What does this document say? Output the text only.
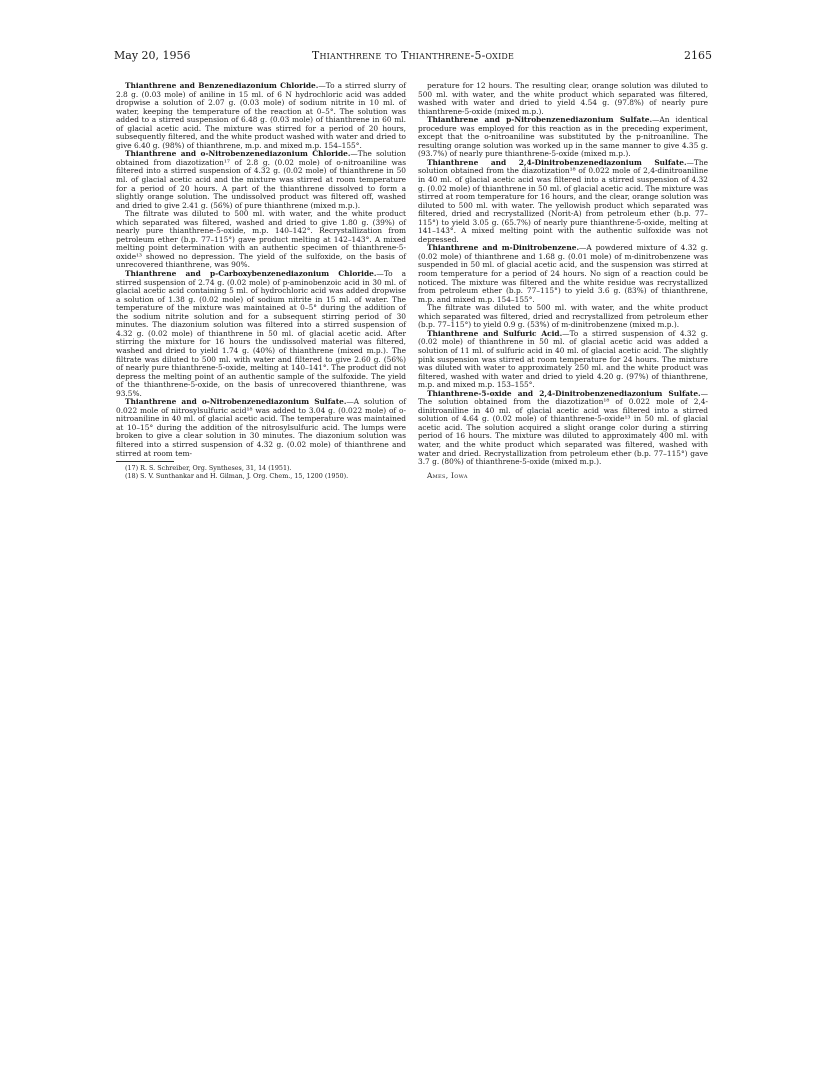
May 20, 1956	Thianthrene to Thianthrene-5-oxide	2165

Thianthrene and Benzenediazonium Chloride.—To a stirred slurry of 2.8 g. (0.03 mole) of aniline in 15 ml. of 6 N hydrochloric acid was added dropwise a solution of 2.07 g. (0.03 mole) of sodium nitrite in 10 ml. of water, keeping the temperature of the reaction at 0–5°. The solution was added to a stirred suspension of 6.48 g. (0.03 mole) of thianthrene in 60 ml. of glacial acetic acid. The mixture was stirred for a period of 20 hours, subsequently filtered, and the white product washed with water and dried to give 6.40 g. (98%) of thianthrene, m.p. and mixed m.p. 154–155°.

Thianthrene and o-Nitrobenzenediazonium Chloride.—The solution obtained from diazotization¹⁷ of 2.8 g. (0.02 mole) of o-nitroaniline was filtered into a stirred suspension of 4.32 g. (0.02 mole) of thianthrene in 50 ml. of glacial acetic acid and the mixture was stirred at room temperature for a period of 20 hours. A part of the thianthrene dissolved to form a slightly orange solution. The undissolved product was filtered off, washed and dried to give 2.41 g. (56%) of pure thianthrene (mixed m.p.).

The filtrate was diluted to 500 ml. with water, and the white product which separated was filtered, washed and dried to give 1.80 g. (39%) of nearly pure thianthrene-5-oxide, m.p. 140–142°. Recrystallization from petroleum ether (b.p. 77–115°) gave product melting at 142–143°. A mixed melting point determination with an authentic specimen of thianthrene-5-oxide¹³ showed no depression. The yield of the sulfoxide, on the basis of unrecovered thianthrene, was 90%.

Thianthrene and p-Carboxybenzenediazonium Chloride.—To a stirred suspension of 2.74 g. (0.02 mole) of p-aminobenzoic acid in 30 ml. of glacial acetic acid containing 5 ml. of hydrochloric acid was added dropwise a solution of 1.38 g. (0.02 mole) of sodium nitrite in 15 ml. of water. The temperature of the mixture was maintained at 0–5° during the addition of the sodium nitrite solution and for a subsequent stirring period of 30 minutes. The diazonium solution was filtered into a stirred suspension of 4.32 g. (0.02 mole) of thianthrene in 50 ml. of glacial acetic acid. After stirring the mixture for 16 hours the undissolved material was filtered, washed and dried to yield 1.74 g. (40%) of thianthrene (mixed m.p.). The filtrate was diluted to 500 ml. with water and filtered to give 2.60 g. (56%) of nearly pure thianthrene-5-oxide, melting at 140–141°. The product did not depress the melting point of an authentic sample of the sulfoxide. The yield of the thianthrene-5-oxide, on the basis of unrecovered thianthrene, was 93.5%.

Thianthrene and o-Nitrobenzenediazonium Sulfate.—A solution of 0.022 mole of nitrosylsulfuric acid¹⁸ was added to 3.04 g. (0.022 mole) of o-nitroaniline in 40 ml. of glacial acetic acid. The temperature was maintained at 10–15° during the addition of the nitrosylsulfuric acid. The lumps were broken to give a clear solution in 30 minutes. The diazonium solution was filtered into a stirred suspension of 4.32 g. (0.02 mole) of thianthrene and stirred at room tem-

(17) R. S. Schreiber, Org. Syntheses, 31, 14 (1951).

(18) S. V. Sunthankar and H. Gilman, J. Org. Chem., 15, 1200 (1950).

perature for 12 hours. The resulting clear, orange solution was diluted to 500 ml. with water, and the white product which separated was filtered, washed with water and dried to yield 4.54 g. (97.8%) of nearly pure thianthrene-5-oxide (mixed m.p.).

Thianthrene and p-Nitrobenzenediazonium Sulfate.—An identical procedure was employed for this reaction as in the preceding experiment, except that the o-nitroaniline was substituted by the p-nitroaniline. The resulting orange solution was worked up in the same manner to give 4.35 g. (93.7%) of nearly pure thianthrene-5-oxide (mixed m.p.).

Thianthrene and 2,4-Dinitrobenzenediazonium Sulfate.—The solution obtained from the diazotization¹⁸ of 0.022 mole of 2,4-dinitroaniline in 40 ml. of glacial acetic acid was filtered into a stirred suspension of 4.32 g. (0.02 mole) of thianthrene in 50 ml. of glacial acetic acid. The mixture was stirred at room temperature for 16 hours, and the clear, orange solution was diluted to 500 ml. with water. The yellowish product which separated was filtered, dried and recrystallized (Norit-A) from petroleum ether (b.p. 77–115°) to yield 3.05 g. (65.7%) of nearly pure thianthrene-5-oxide, melting at 141–143°. A mixed melting point with the authentic sulfoxide was not depressed.

Thianthrene and m-Dinitrobenzene.—A powdered mixture of 4.32 g. (0.02 mole) of thianthrene and 1.68 g. (0.01 mole) of m-dinitrobenzene was suspended in 50 ml. of glacial acetic acid, and the suspension was stirred at room temperature for a period of 24 hours. No sign of a reaction could be noticed. The mixture was filtered and the white residue was recrystallized from petroleum ether (b.p. 77–115°) to yield 3.6 g. (83%) of thianthrene, m.p. and mixed m.p. 154–155°.

The filtrate was diluted to 500 ml. with water, and the white product which separated was filtered, dried and recrystallized from petroleum ether (b.p. 77–115°) to yield 0.9 g. (53%) of m-dinitrobenzene (mixed m.p.).

Thianthrene and Sulfuric Acid.—To a stirred suspension of 4.32 g. (0.02 mole) of thianthrene in 50 ml. of glacial acetic acid was added a solution of 11 ml. of sulfuric acid in 40 ml. of glacial acetic acid. The slightly pink suspension was stirred at room temperature for 24 hours. The mixture was diluted with water to approximately 250 ml. and the white product was filtered, washed with water and dried to yield 4.20 g. (97%) of thianthrene, m.p. and mixed m.p. 153–155°.

Thianthrene-5-oxide and 2,4-Dinitrobenzenediazonium Sulfate.—The solution obtained from the diazotization¹⁸ of 0.022 mole of 2,4-dinitroaniline in 40 ml. of glacial acetic acid was filtered into a stirred solution of 4.64 g. (0.02 mole) of thianthrene-5-oxide¹³ in 50 ml. of glacial acetic acid. The solution acquired a slight orange color during a stirring period of 16 hours. The mixture was diluted to approximately 400 ml. with water, and the white product which separated was filtered, washed with water and dried. Recrystallization from petroleum ether (b.p. 77–115°) gave 3.7 g. (80%) of thianthrene-5-oxide (mixed m.p.).

Ames, Iowa
